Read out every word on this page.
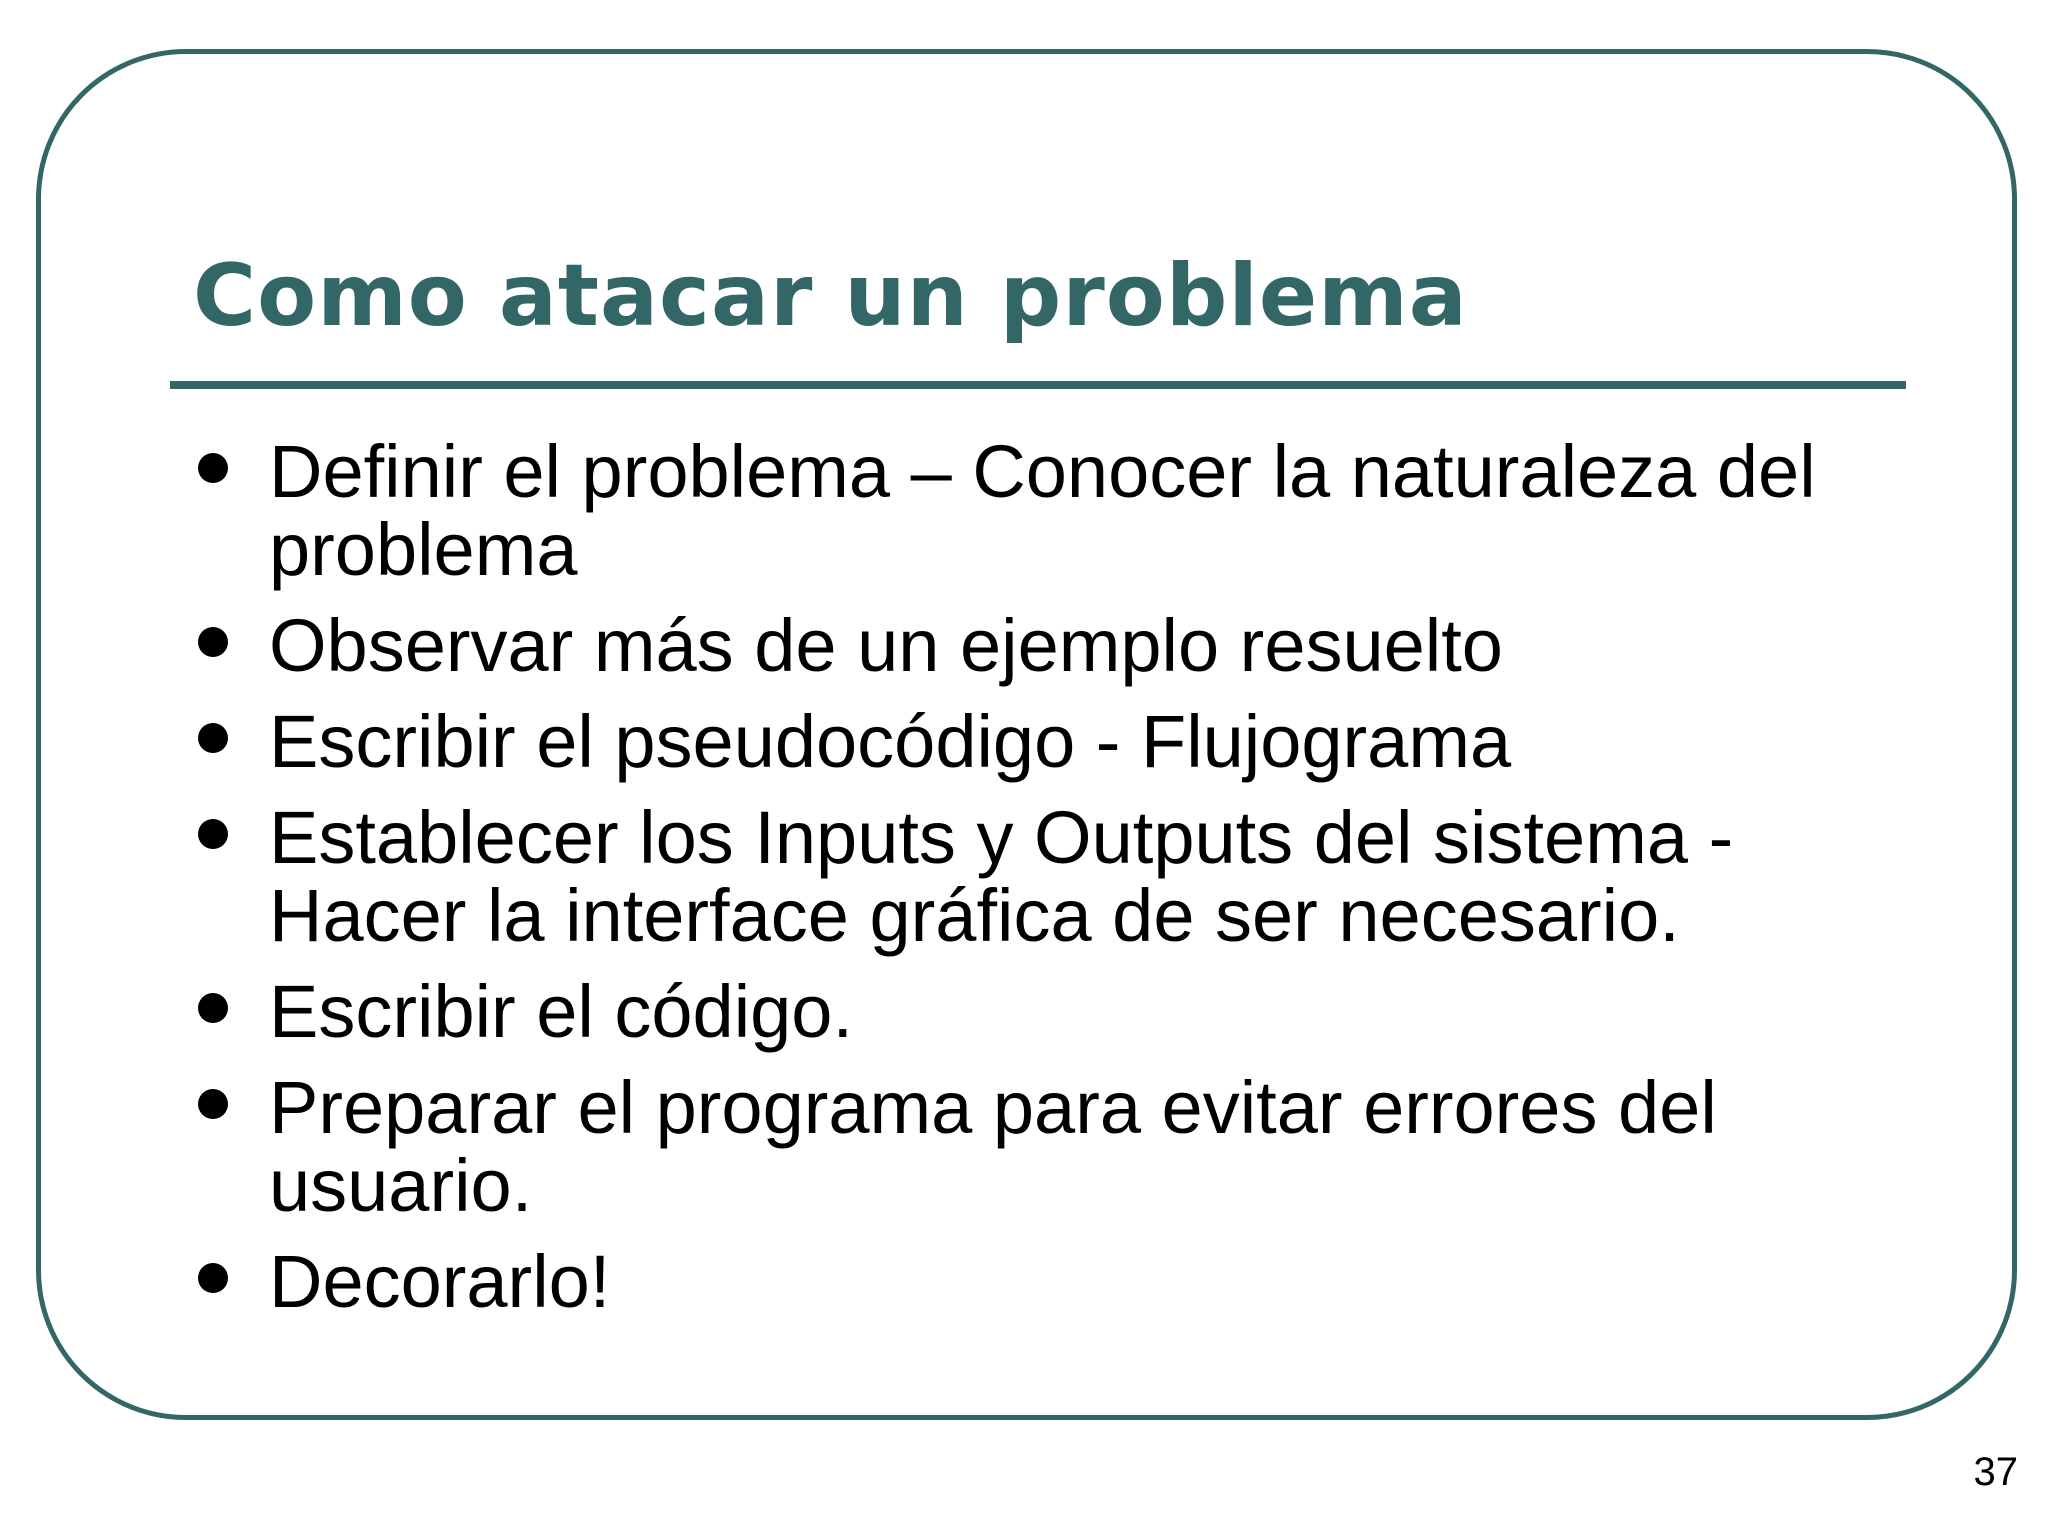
Como atacar un problema
Definir el problema – Conocer la naturaleza del problema
Observar más de un ejemplo resuelto
Escribir el pseudocódigo - Flujograma
Establecer los Inputs y Outputs del sistema - Hacer la interface gráfica de ser necesario.
Escribir el código.
Preparar el programa para evitar errores del usuario.
Decorarlo!
37
